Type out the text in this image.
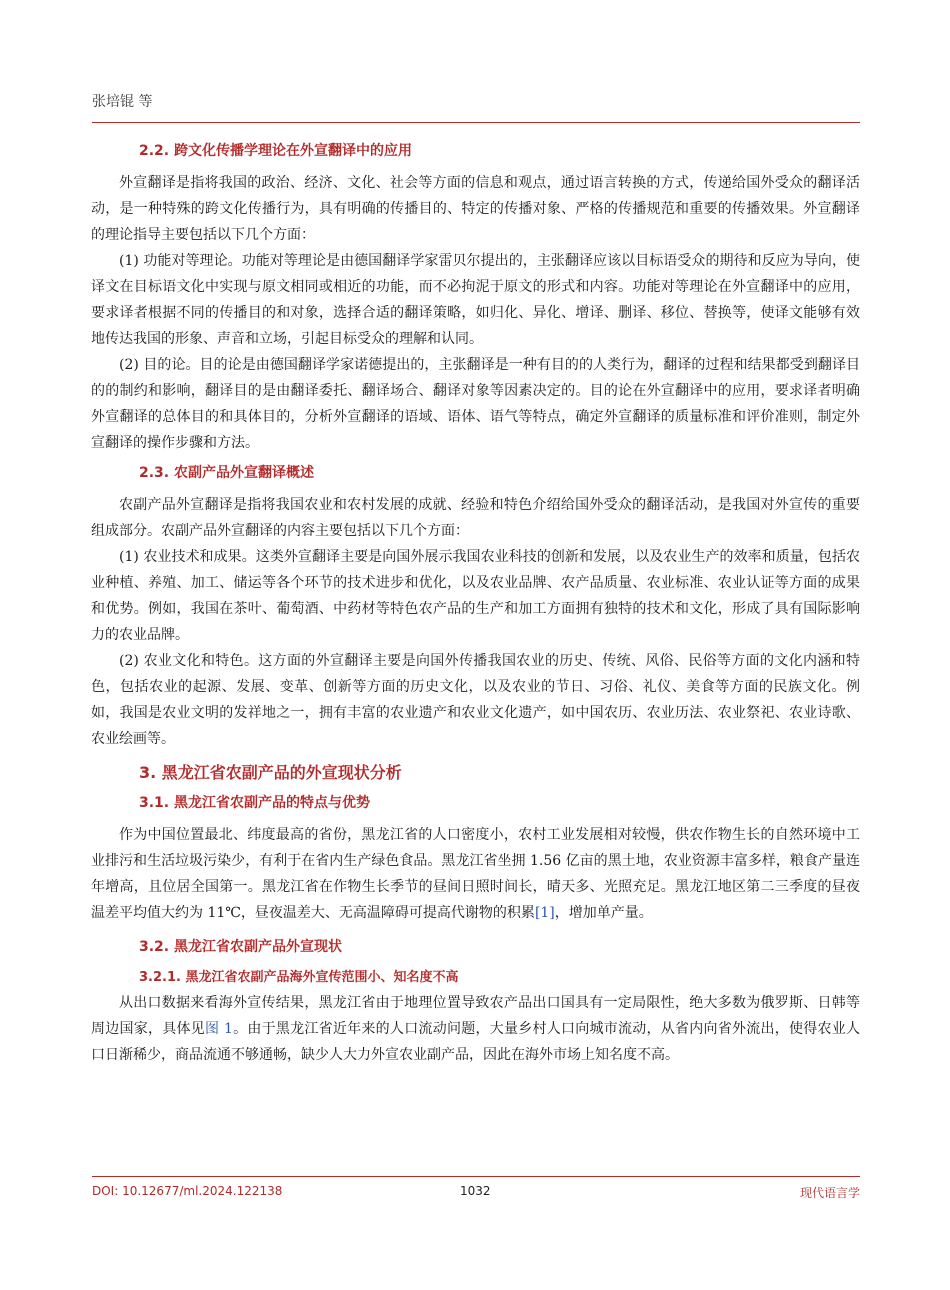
张培锟 等
2.2. 跨文化传播学理论在外宣翻译中的应用

外宣翻译是指将我国的政治、经济、文化、社会等方面的信息和观点，通过语言转换的方式，传递给国外受众的翻译活动，是一种特殊的跨文化传播行为，具有明确的传播目的、特定的传播对象、严格的传播规范和重要的传播效果。外宣翻译的理论指导主要包括以下几个方面：

(1) 功能对等理论。功能对等理论是由德国翻译学家雷贝尔提出的，主张翻译应该以目标语受众的期待和反应为导向，使译文在目标语文化中实现与原文相同或相近的功能，而不必拘泥于原文的形式和内容。功能对等理论在外宣翻译中的应用，要求译者根据不同的传播目的和对象，选择合适的翻译策略，如归化、异化、增译、删译、移位、替换等，使译文能够有效地传达我国的形象、声音和立场，引起目标受众的理解和认同。

(2) 目的论。目的论是由德国翻译学家诺德提出的，主张翻译是一种有目的的人类行为，翻译的过程和结果都受到翻译目的的制约和影响，翻译目的是由翻译委托、翻译场合、翻译对象等因素决定的。目的论在外宣翻译中的应用，要求译者明确外宣翻译的总体目的和具体目的，分析外宣翻译的语域、语体、语气等特点，确定外宣翻译的质量标准和评价准则，制定外宣翻译的操作步骤和方法。

2.3. 农副产品外宣翻译概述

农副产品外宣翻译是指将我国农业和农村发展的成就、经验和特色介绍给国外受众的翻译活动，是我国对外宣传的重要组成部分。农副产品外宣翻译的内容主要包括以下几个方面：

(1) 农业技术和成果。这类外宣翻译主要是向国外展示我国农业科技的创新和发展，以及农业生产的效率和质量，包括农业种植、养殖、加工、储运等各个环节的技术进步和优化，以及农业品牌、农产品质量、农业标准、农业认证等方面的成果和优势。例如，我国在茶叶、葡萄酒、中药材等特色农产品的生产和加工方面拥有独特的技术和文化，形成了具有国际影响力的农业品牌。

(2) 农业文化和特色。这方面的外宣翻译主要是向国外传播我国农业的历史、传统、风俗、民俗等方面的文化内涵和特色，包括农业的起源、发展、变革、创新等方面的历史文化，以及农业的节日、习俗、礼仪、美食等方面的民族文化。例如，我国是农业文明的发祥地之一，拥有丰富的农业遗产和农业文化遗产，如中国农历、农业历法、农业祭祀、农业诗歌、农业绘画等。

3. 黑龙江省农副产品的外宣现状分析
3.1. 黑龙江省农副产品的特点与优势

作为中国位置最北、纬度最高的省份，黑龙江省的人口密度小，农村工业发展相对较慢，供农作物生长的自然环境中工业排污和生活垃圾污染少，有利于在省内生产绿色食品。黑龙江省坐拥 1.56 亿亩的黑土地，农业资源丰富多样，粮食产量连年增高，且位居全国第一。黑龙江省在作物生长季节的昼间日照时间长，晴天多、光照充足。黑龙江地区第二三季度的昼夜温差平均值大约为 11℃，昼夜温差大、无高温障碍可提高代谢物的积累[1]，增加单产量。

3.2. 黑龙江省农副产品外宣现状
3.2.1. 黑龙江省农副产品海外宣传范围小、知名度不高

从出口数据来看海外宣传结果，黑龙江省由于地理位置导致农产品出口国具有一定局限性，绝大多数为俄罗斯、日韩等周边国家，具体见图 1。由于黑龙江省近年来的人口流动问题，大量乡村人口向城市流动，从省内向省外流出，使得农业人口日渐稀少，商品流通不够通畅，缺少人大力外宣农业副产品，因此在海外市场上知名度不高。

DOI: 10.12677/ml.2024.122138	1032	现代语言学
